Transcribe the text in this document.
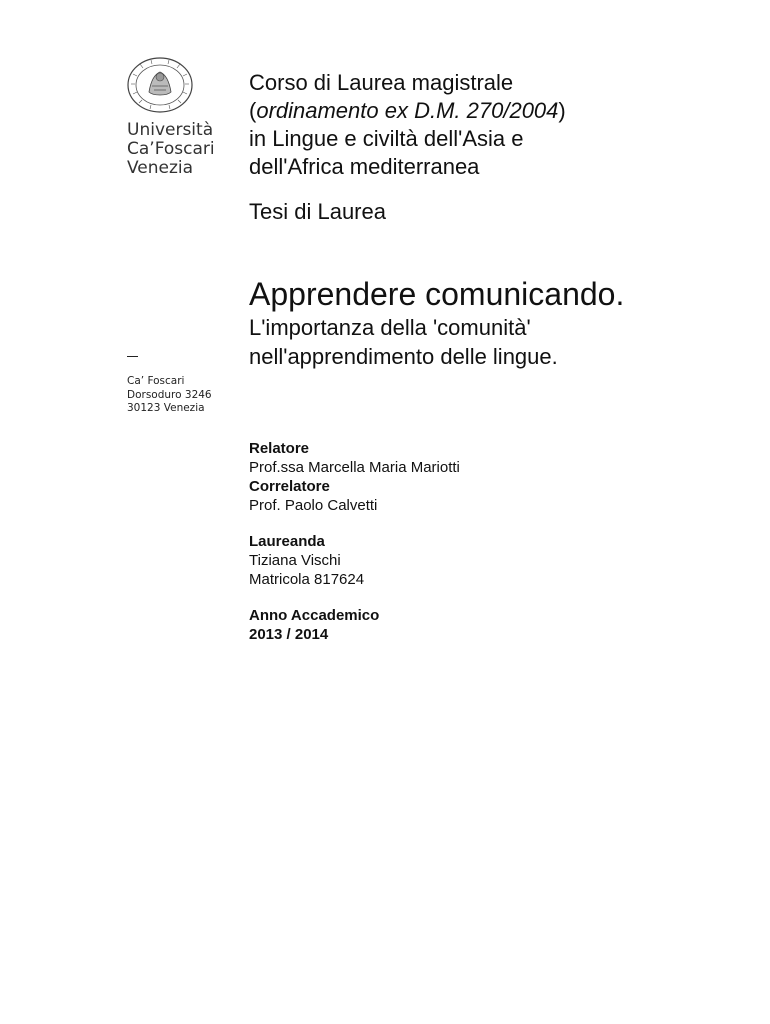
Università
Ca’Foscari
Venezia
Ca’ Foscari
Dorsoduro 3246
30123 Venezia
Corso di Laurea magistrale
(ordinamento ex D.M. 270/2004)
in Lingue e civiltà dell'Asia e
dell'Africa mediterranea
Tesi di Laurea
Apprendere comunicando.
L'importanza della 'comunità'
nell'apprendimento delle lingue.
Relatore
Prof.ssa Marcella Maria Mariotti
Correlatore
Prof. Paolo Calvetti
Laureanda
Tiziana Vischi
Matricola 817624
Anno Accademico
2013 / 2014
